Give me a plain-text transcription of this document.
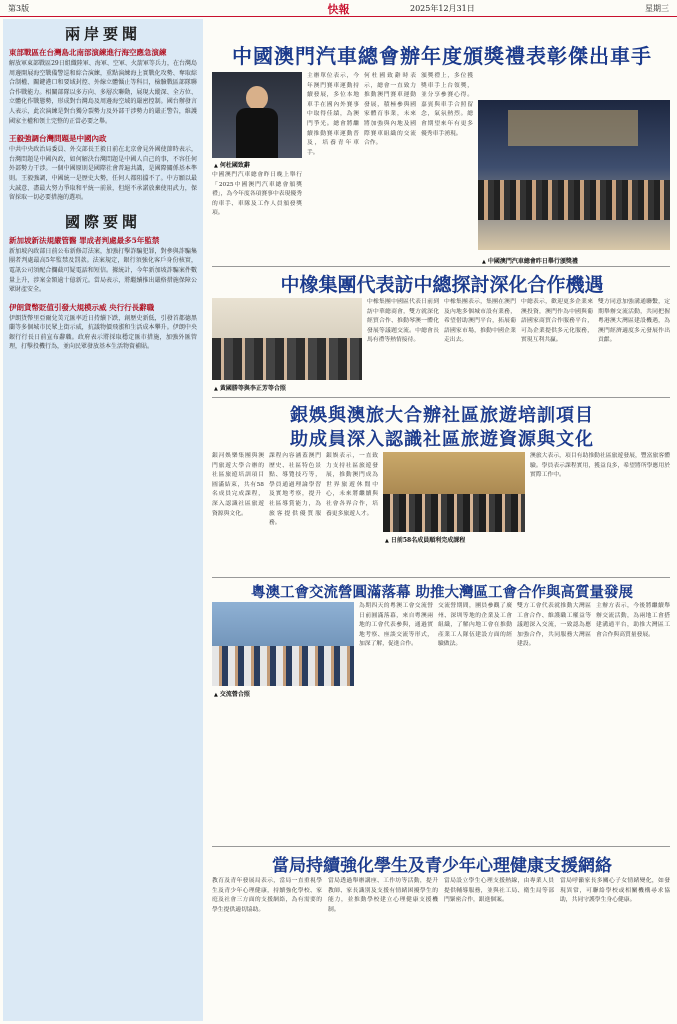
第3版	快報	2025年12月31日	星期三
兩岸要聞
東部戰區在台灣島北南部演練進行海空應急演練
解放軍東部戰區29日組織陸軍、海軍、空軍、火箭軍等兵力，在台灣島周邊開展海空戰備警巡和綜合演練，重點演練海上實戰化攻勢、奪取綜合制權、關鍵港口和要域封控、外線立體懾止等科目，檢驗戰區部隊聯合作戰能力。相關部隊以多方向、多層次聯動，展現大縱深、全方位、立體化作戰態勢，形成對台灣島及周邊海空域的嚴密控制。國台辦發言人表示，此次演練是對台獨分裂勢力及外部干涉勢力的嚴正警告，維護國家主權和領土完整的正當必要之舉。
王毅強調台灣問題是中國內政
中共中央政治局委員、外交部長王毅日前在北京會見外國使節時表示，台灣問題是中國內政，如何解決台灣問題是中國人自己的事，不容任何外部勢力干涉。一個中國原則是國際社會普遍共識，是國際關係基本準則。王毅強調，中國統一是歷史大勢，任何人都阻擋不了。中方願以最大誠意、盡最大努力爭取和平統一前景，但絕不承諾放棄使用武力，保留採取一切必要措施的選項。
國際要聞
新加坡新法規嚴管醫 罪成者判處最多5年監禁
新加坡內政部日前公布新修訂法案，加強打擊詐騙犯罪，對參與詐騙集團者判處最高5年監禁及罰款。法案規定，銀行須強化客戶身份核實，電訊公司須配合攔截可疑電話和短信。據統計，今年新加坡詐騙案件數量上升，涉案金額逾十億新元。當局表示，將繼續推出嚴格措施保障公眾財產安全。
伊朗貨幣貶值引發大規模示威 央行行長辭職
伊朗貨幣里亞爾兌美元匯率近日持續下跌，創歷史新低，引發首都德黑蘭等多個城市民眾上街示威，抗議物價飛漲和生活成本攀升。伊朗中央銀行行長日前宣布辭職。政府表示將採取穩定匯市措施，加強外匯管理，打擊投機行為，並向民眾發放基本生活物資補貼。
中國澳門汽車總會辦年度頒獎禮表彰傑出車手
▲ 何杜國致辭
中國澳門汽車總會昨日晚上舉行「2025中國澳門汽車總會頒獎禮」，為今年度各項賽事中表現優秀的車手、車隊及工作人員頒發獎項。
主辦單位表示，今年澳門賽車運動持續發展，多位本地車手在國內外賽事中取得佳績，為澳門爭光。總會將繼續推動賽車運動普及，培養青年車手。
何杜國致辭時表示，總會一直致力推動澳門賽車運動發展，積極參與國家體育事業，未來將加強與內地及國際賽車組織的交流合作。
頒獎禮上，多位獲獎車手上台領獎，並分享參賽心得。嘉賓與車手合照留念，氣氛熱烈。總會期望來年有更多優秀車手湧現。
▲ 中國澳門汽車總會昨日舉行頒獎禮
中橡集團代表訪中總探討深化合作機遇
▲ 黃國勝等與李正芳等合照
中橡集團中國區代表日前到訪中華總商會，雙方就深化經貿合作、推動琴澳一體化發展等議題交流。中總會長馬有禮等熱情接待。
中橡集團表示，集團在澳門及內地多個城市設有業務，希望借助澳門平台，拓展葡語國家市場，推動中國企業走出去。
中總表示，歡迎更多企業來澳投資，澳門作為中國與葡語國家商貿合作服務平台，可為企業提供多元化服務，實現互利共贏。
雙方同意加強溝通聯繫，定期舉辦交流活動，共同把握粵港澳大灣區建設機遇，為澳門經濟適度多元發展作出貢獻。
銀娛與澳旅大合辦社區旅遊培訓項目
助成員深入認識社區旅遊資源與文化
銀河娛樂集團與澳門旅遊大學合辦的社區旅遊培訓項目圓滿結束，共有58名成員完成課程，深入認識社區旅遊資源與文化。
課程內容涵蓋澳門歷史、社區特色景點、導覽技巧等，學員通過理論學習及實地考察，提升社區導賞能力，為旅客提供優質服務。
銀娛表示，一直致力支持社區旅遊發展，推動澳門成為世界旅遊休閒中心，未來將繼續與社會各界合作，培養更多旅遊人才。
▲ 日前58名成員順利完成課程
澳旅大表示，項目有助推動社區旅遊發展，豐富旅客體驗。學員表示課程實用，獲益良多，希望將所學應用於實際工作中。
粵澳工會交流營圓滿落幕 助推大灣區工會合作與高質量發展
▲ 交流營合照
為期四天的粵澳工會交流營日前圓滿落幕，來自粵澳兩地的工會代表參與，通過實地考察、座談交流等形式，加深了解，促進合作。
交流營期間，團員參觀了廣州、深圳等地的企業及工會組織，了解內地工會在推動產業工人隊伍建設方面的經驗做法。
雙方工會代表就推動大灣區工會合作、維護職工權益等議題深入交流，一致認為應加強合作，共同服務大灣區建設。
主辦方表示，今後將繼續舉辦交流活動，為兩地工會搭建溝通平台，助推大灣區工會合作與高質量發展。
當局持續強化學生及青少年心理健康支援網絡
教育及青年發展局表示，當局一直重視學生及青少年心理健康，持續強化學校、家庭及社會三方面的支援網絡，為有需要的學生提供適切協助。
當局透過舉辦講座、工作坊等活動，提升教師、家長識別及支援有情緒困擾學生的能力，並推動學校建立心理健康支援機制。
當局設立學生心理支援熱線，由專業人員提供輔導服務，並與社工局、衛生局等部門緊密合作，跟進個案。
當局呼籲家長多關心子女情緒變化，如發現異常，可聯絡學校或相關機構尋求協助，共同守護學生身心健康。
